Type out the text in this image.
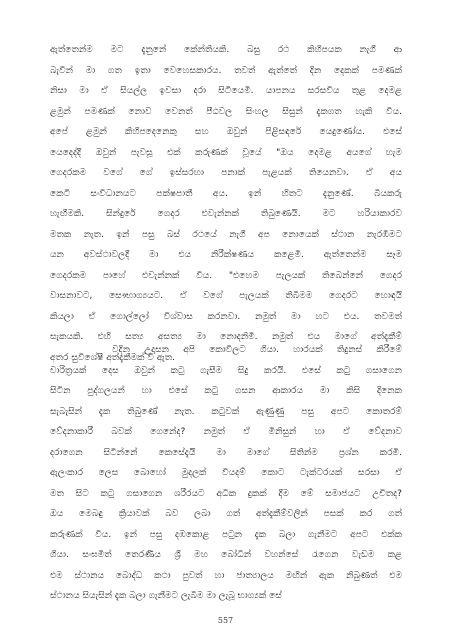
ඇත්තෙන්ම මට දැනුනේ කේන්තියකි. බසු රථ කිහිපයක නැගී ආ
බැවින් මා ගත ඉතා වෙහෙසකාරය. තවත් ඇත්තේ දින දෙකක් පමණක්
නිසා මා ඒ සියල්ල ඉවසා දරා සිටියෙමි. යාපනය සරසවිය තුළ දෙමළ
ළමුන් පමණක් නොව වෙනත් පීඨවල සිංහල සිසුන් දැකගත හැකි විය.
අපේ ළමුන් කිහිපදෙනෙකු සහ ඔවුන් පිළිසඳරේ යෙදුණෝය. එසේ
යෙදෙද්දී ඔවුන් පැවසූ එක් කරුණක් වූයේ "ඔය දෙමළ අයගේ හැම
ගෙදරකම වගේ ගේ ඉස්සරහා පනාක් පැළයක් තියෙනවා. ඒ අය
කෙටි සංවිධානයට පක්ෂපාතී අය. ඉන් හිතට දැනුණේ. බියකරු
හැඟීමකි. සින්දුරේ ගෙදර එවැන්නක් තිබුණෙයි. මට හරියාකාරව
මතක නැත. ඉන් පසු බස් රථයේ නැගී අප නොයෙක් ස්ථාන නැරඹීමට
යන අවස්ථාවලදී මා එය නිරීක්ෂණය කළෙමි. ඇත්තෙන්ම සෑම
ගෙදරකම පාහේ එවැන්නක් විය. "එහෙම පැලයක් තිබෙන්නේ ගෙදර
වාසනාවට, සෞභාග්‍යයට. ඒ වගේ පැලයක් තිබීමම ගෙදරට හොඳයි
කියලා ඒ ගොල්ලෝ විශ්වාස කරනවා. නමුත් මා හට එය. තවමත්
සැකයකි. එහි සත්‍ය අසත්‍ය මා නොදනිමි. නමුත් එය මාගේ අත්දැකීම්
අතර සුවිශේෂී අත්දැකීමක් වී ඇත.
වදින උදාසන අපි කොවිලට ගියා. හාරයක් තිදුනස් කිරීමේ
චාරිත්‍රයක් දෙස ඔවුන් කටු ගැසීම සිදු කරයි. එසේ කටු ගසාගෙන
සිටින පුද්ගලයන් හා එසේ කටු ගසන ආකාරය මා කිසි දිනෙක
සැබැසින් දැක තිබුණේ නැත. කටුවක් ඇණුණු පසු අපට කොතරම්
වේදනාකාරී බවක් ගෙනේද? නමුත් ඒ මිනිසුන් හා ඒ වේදනාව
දරාගෙන සිටින්නේ කෙසේදැයි මා මාගේ සිතින්ම ප්‍රශ්න කරමි.
ඇලංකාර ලෙස බොහෝ මුදලක් වියදම් කොට ටැක්ටරයක් සරසා ඒ
මත සිට කටු ගසාගෙන ශරීරයට අධික දුකක් දීම මේ සමාජයට උචිතද?
ඔය මෙබඳු ක්‍රියාවක් බව ලබා ගත් අත්දැකීම්වලින් පසක් කර ගත්
කරුණක් විය. ඉන් පසු දඹකොළ පටුන දැක බලා ගැනීමට අපට එක්ක
ගියා. සංඝමිත් තෙරණිය ශ්‍රී මහ බෝධීන් වහන්සේ රැගෙන වැඩම කළ
එම ස්ථානය බොද්ධ කථා පුවත් හා ජාත්‍යාලය මඟින් ඇක නිබුණත් එම
ස්ථානය සියැසින් දැක බලා ගැනීමට ලැබීම මා ලැබූ භාග්‍යක් සේ
557
